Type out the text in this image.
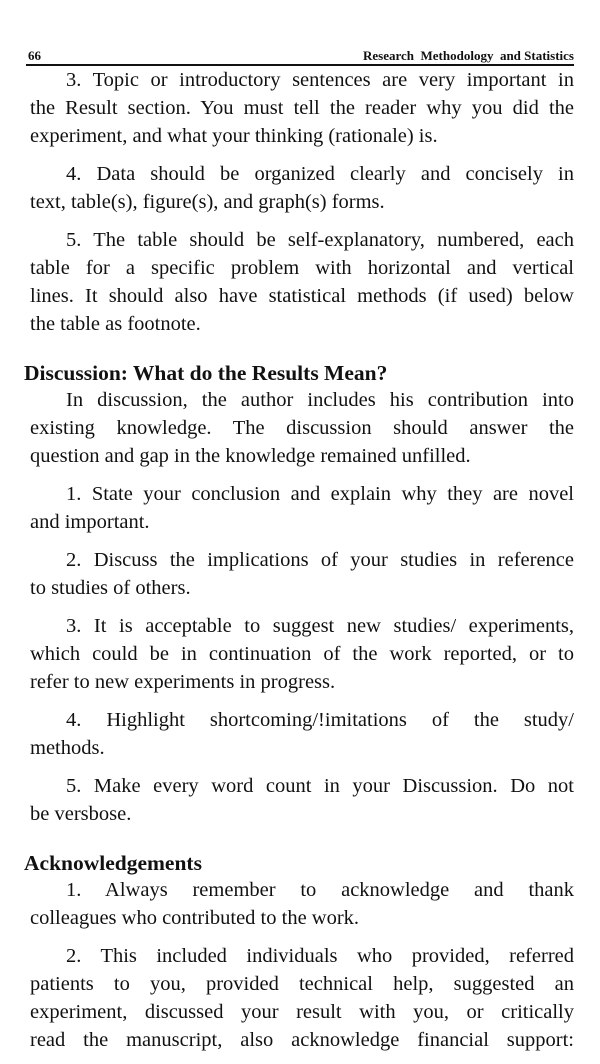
66	Research  Methodology  and Statistics
3. Topic or introductory sentences are very important in
the Result section. You must tell the reader why you did the
experiment, and what your thinking (rationale) is.
4. Data should be organized clearly and concisely in
text, table(s), figure(s), and graph(s) forms.
5. The table should be self-explanatory, numbered, each
table for a specific problem with horizontal and vertical
lines. It should also have statistical methods (if used) below
the table as footnote.
Discussion: What do the Results Mean?
In discussion, the author includes his contribution into
existing knowledge. The discussion should answer the
question and gap in the knowledge remained unfilled.
1. State your conclusion and explain why they are novel
and important.
2. Discuss the implications of your studies in reference
to studies of others.
3. It is acceptable to suggest new studies/ experiments,
which could be in continuation of the work reported, or to
refer to new experiments in progress.
4. Highlight shortcoming/!imitations of the study/
methods.
5. Make every word count in your Discussion. Do not
be versbose.
Acknowledgements
1. Always remember to acknowledge and thank
colleagues who contributed to the work.
2. This included individuals who provided, referred
patients to you, provided technical help, suggested an
experiment, discussed your result with you, or critically
read the manuscript, also acknowledge financial support:
